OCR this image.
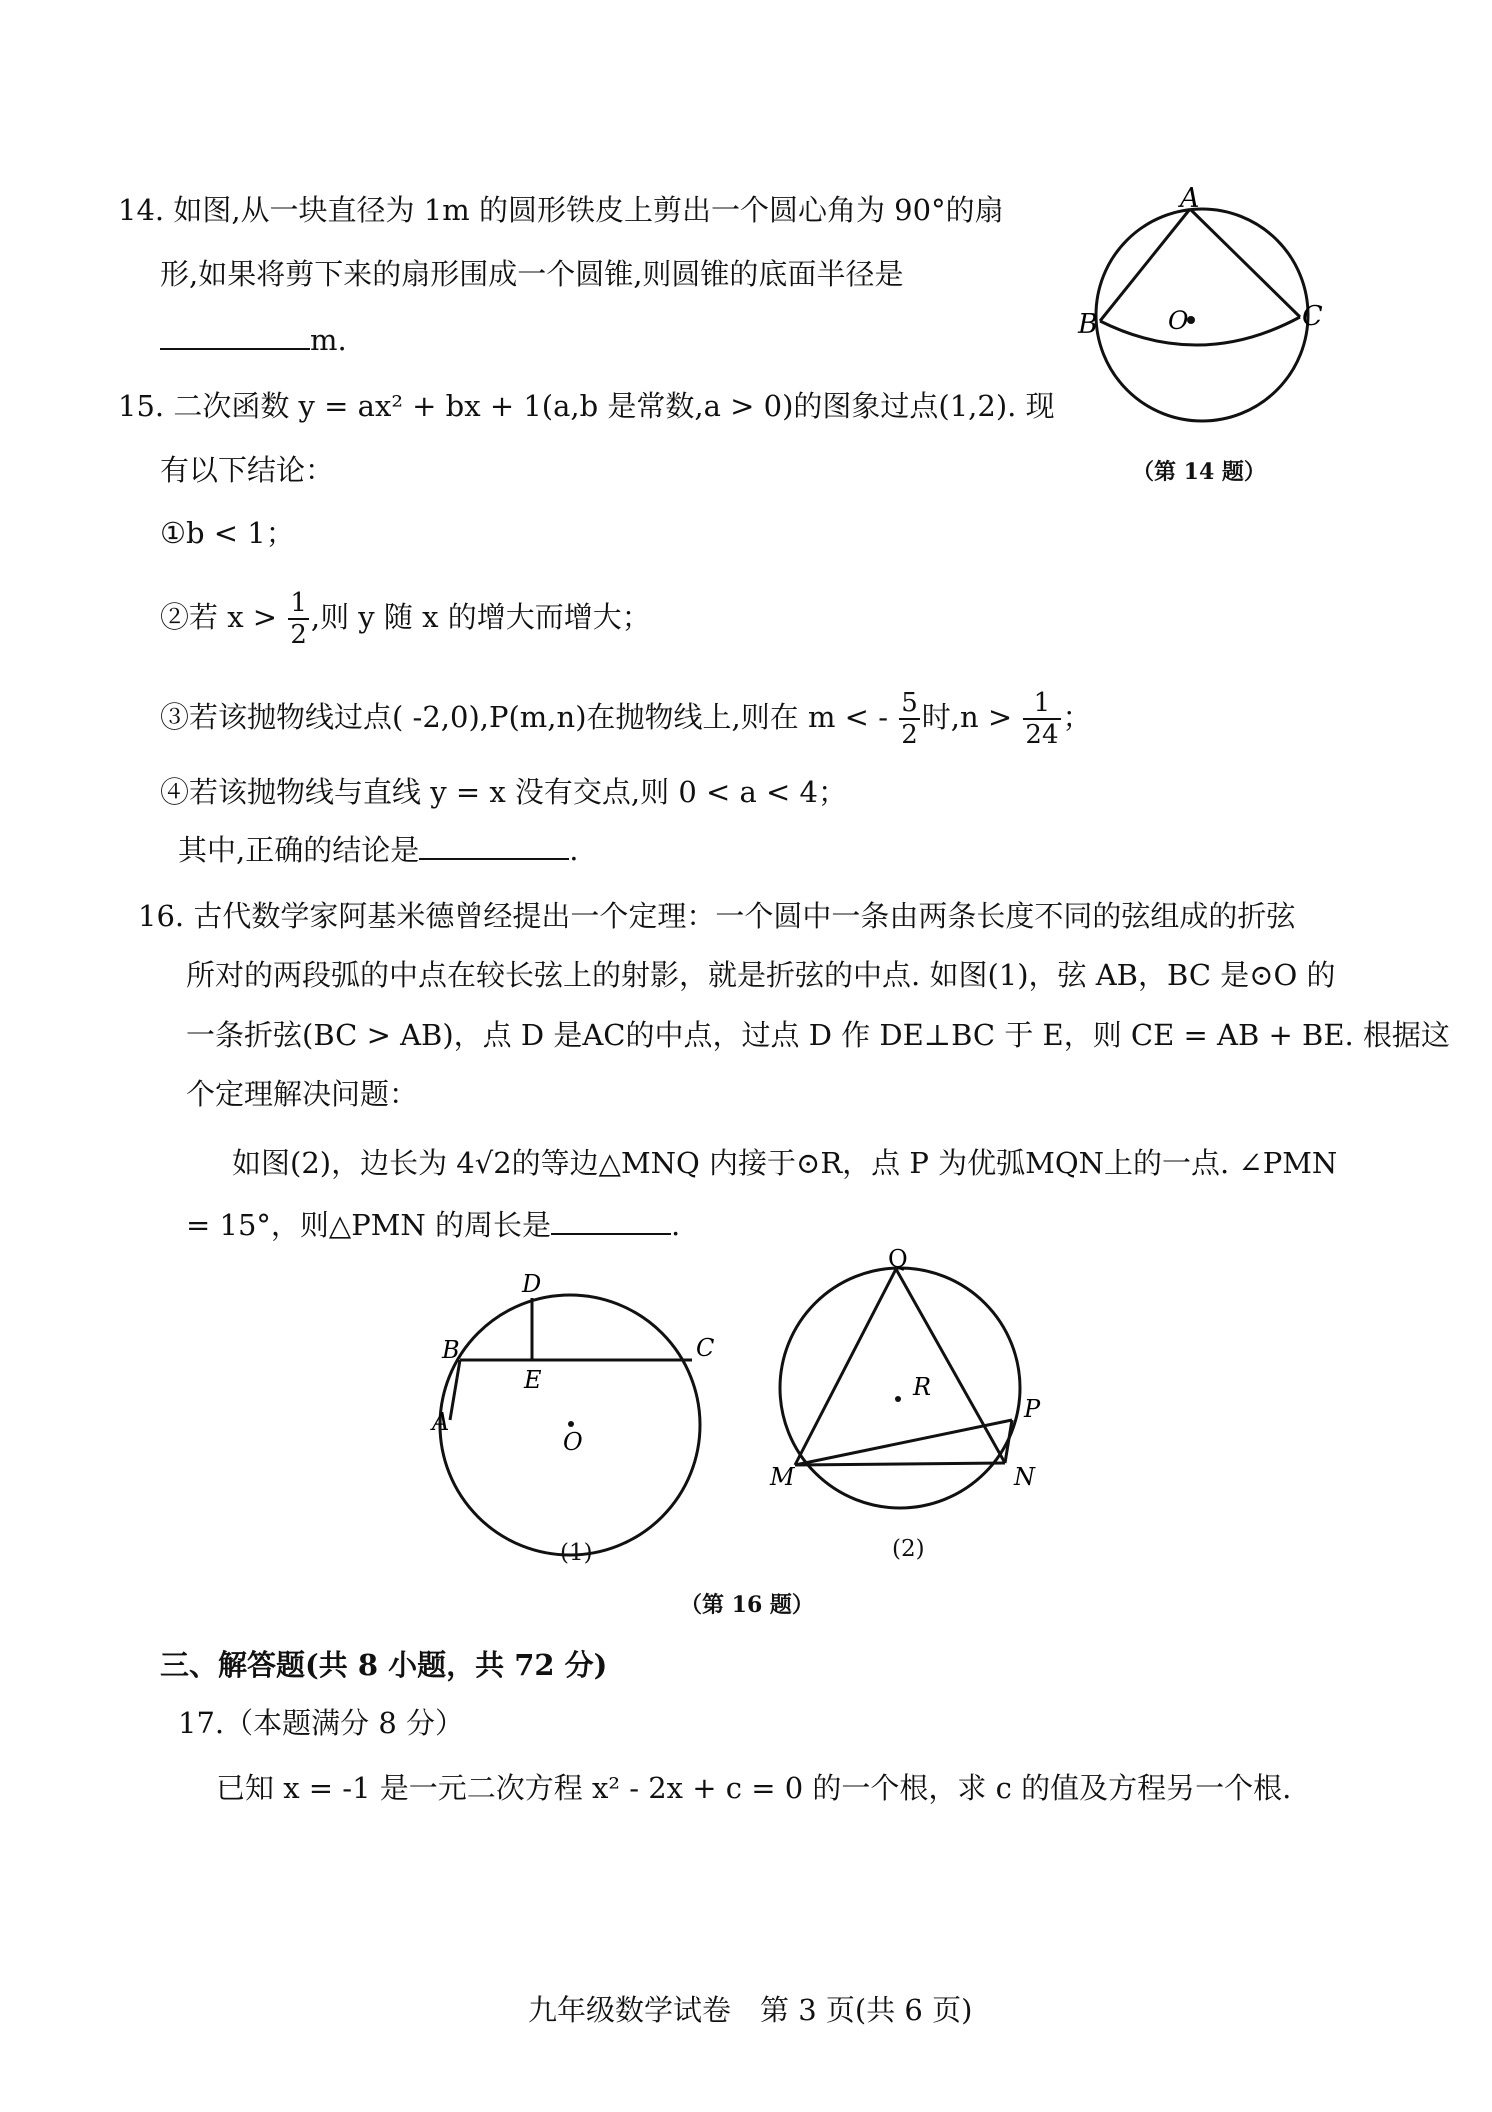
14. 如图,从一块直径为 1m 的圆形铁皮上剪出一个圆心角为 90°的扇
形,如果将剪下来的扇形围成一个圆锥,则圆锥的底面半径是
m.
A
B	C
O
（第 14 题）
15. 二次函数 y = ax² + bx + 1(a,b 是常数,a > 0)的图象过点(1,2). 现
有以下结论：
①b < 1；
②若 $x > \frac{1}{2}$ ,则 y 随 x 的增大而增大；
③若该抛物线过点( -2,0),P(m,n)在抛物线上,则在 m < - $\frac{5}{2}$ 时$,n > \frac{1}{24}$ ；
④若该抛物线与直线 y = x 没有交点,则 0 < a < 4；
其中,正确的结论是	.
16. 古代数学家阿基米德曾经提出一个定理：一个圆中一条由两条长度不同的弦组成的折弦
所对的两段弧的中点在较长弦上的射影，就是折弦的中点. 如图(1)，弦 AB，BC 是⊙O 的
一条折弦(BC > AB)，点 D 是AC的中点，过点 D 作 DE⊥BC 于 E，则 CE = AB + BE. 根据这
个定理解决问题：
如图(2)，边长为 4√2的等边△MNQ 内接于⊙R，点 P 为优弧MQN上的一点. ∠PMN
= 15°，则△PMN 的周长是	.
D
B	C
E
A
O
(1)
Q
R
P
M	N
(2)
（第 16 题）
三、解答题(共 8 小题，共 72 分)
17.（本题满分 8 分）
已知 x = -1 是一元二次方程 x² - 2x + c = 0 的一个根，求 c 的值及方程另一个根.
九年级数学试卷　第 3 页(共 6 页)
